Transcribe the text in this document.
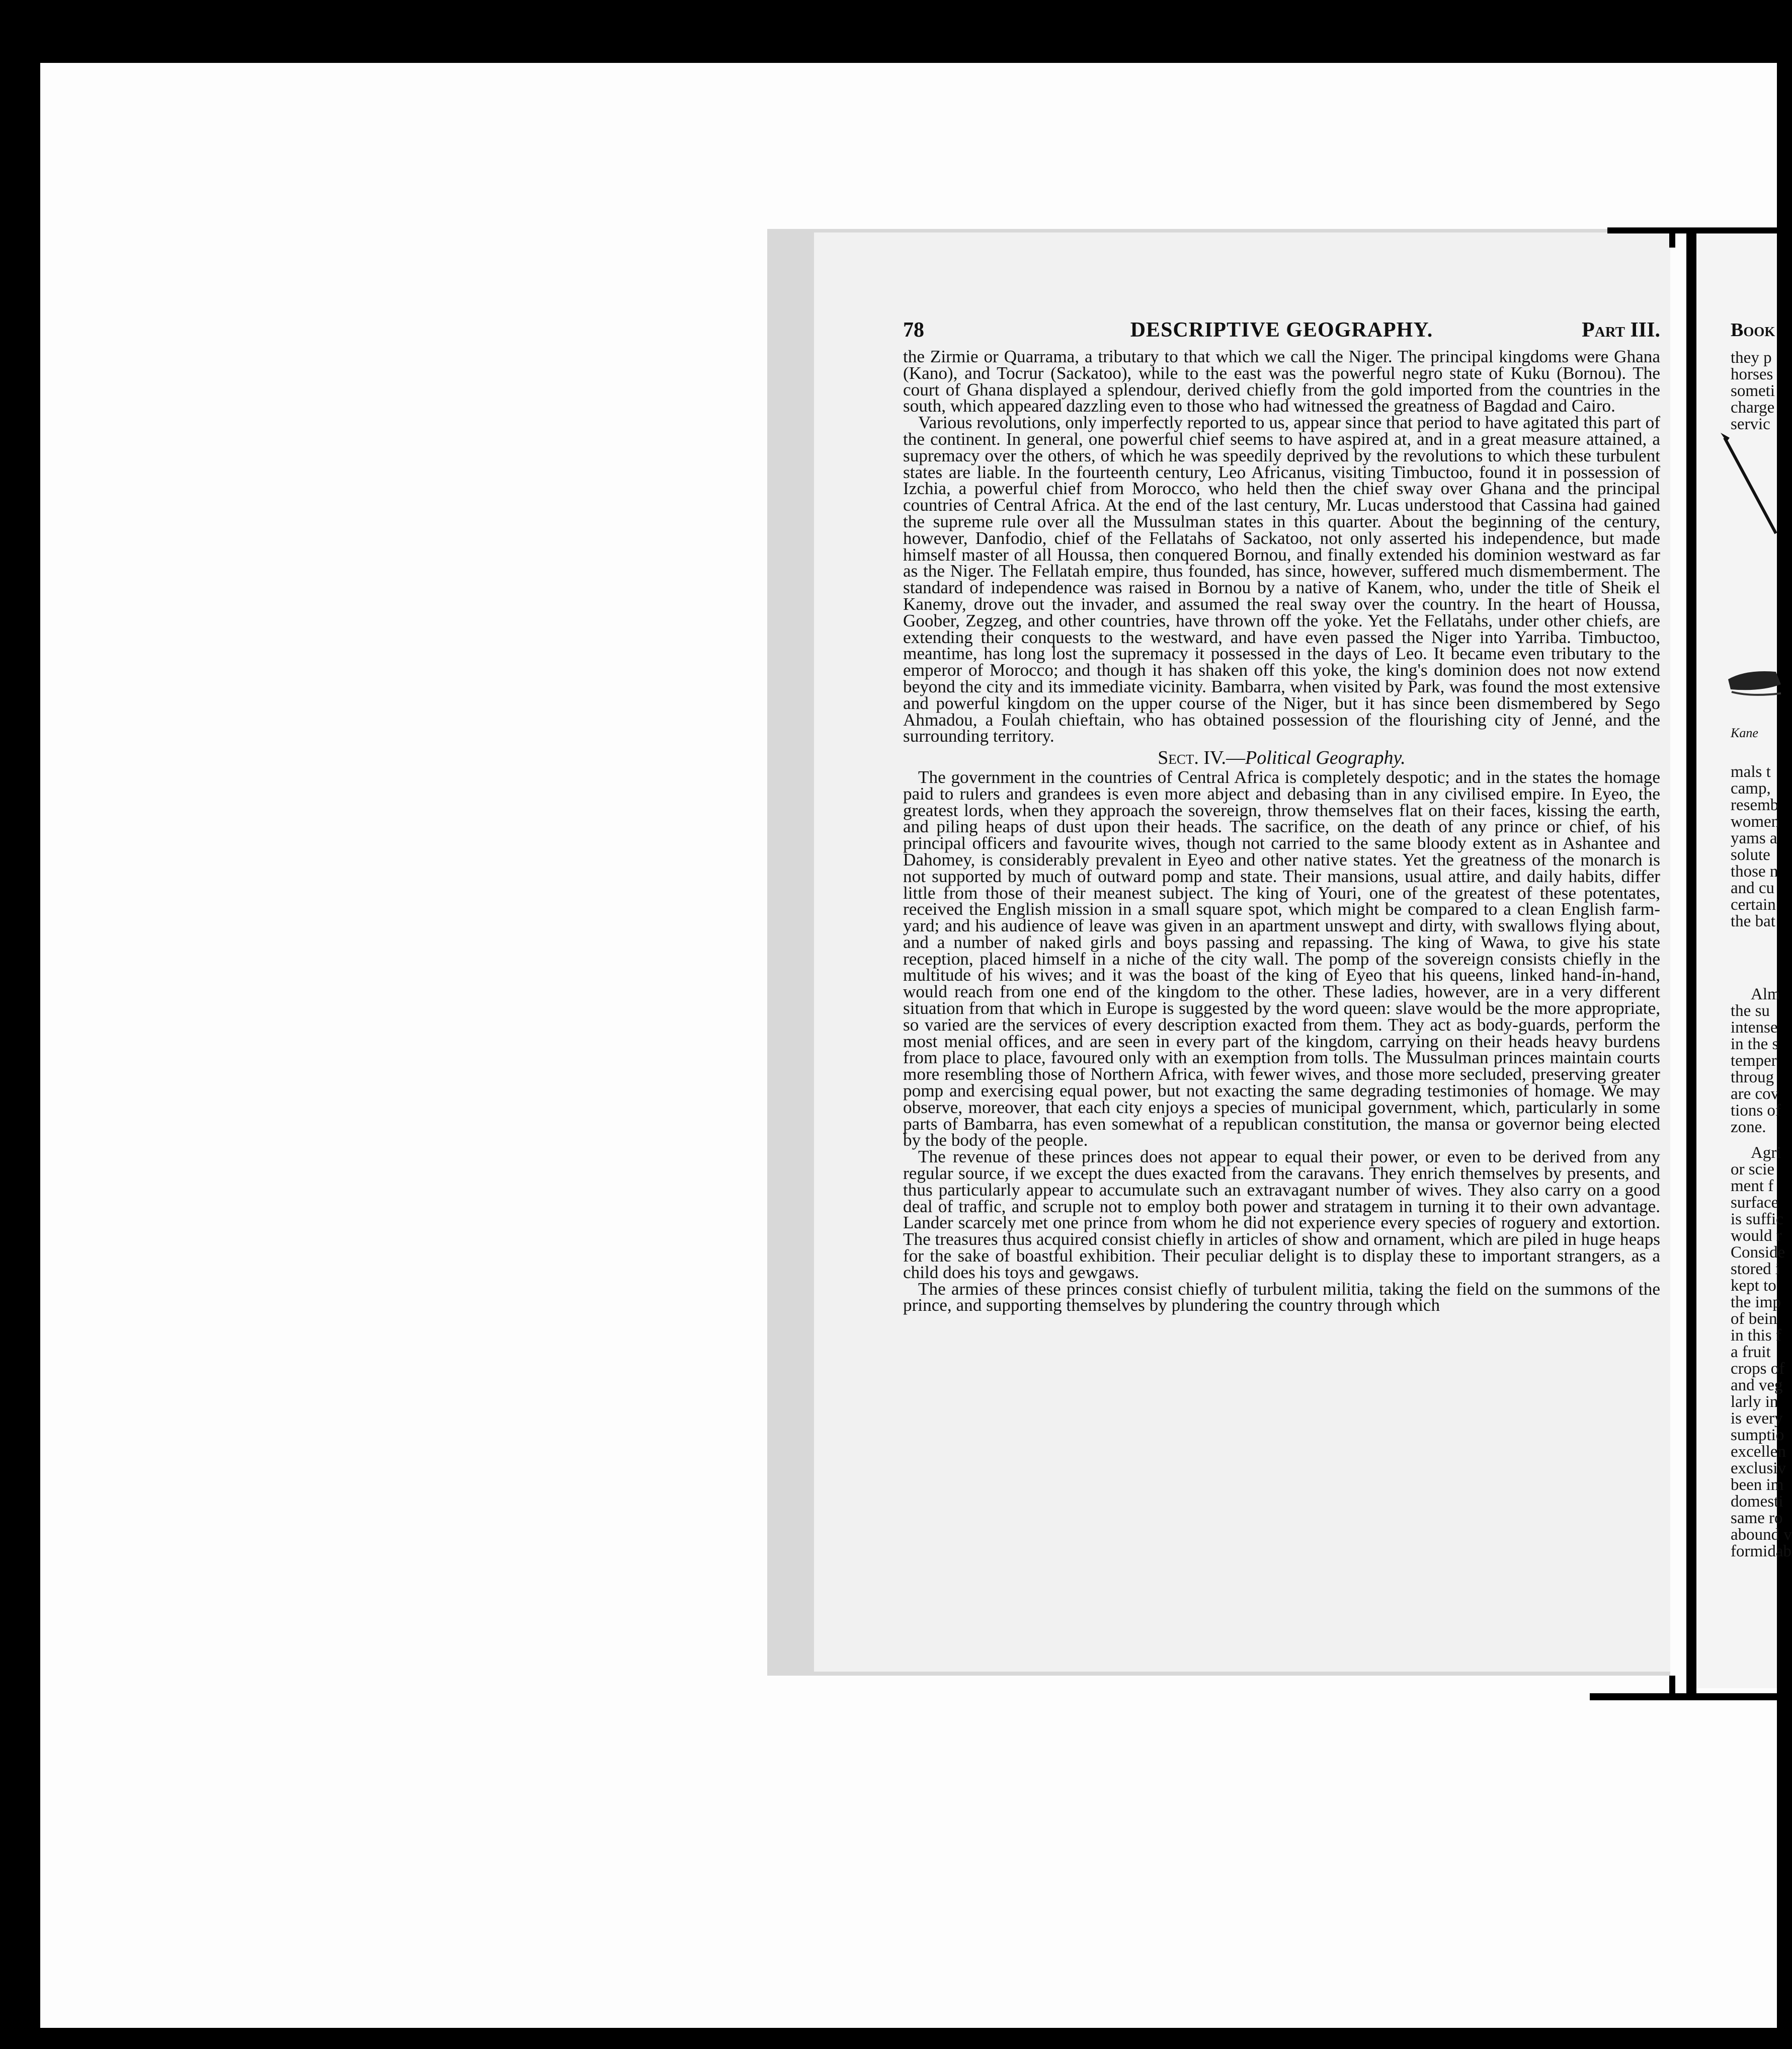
78	DESCRIPTIVE GEOGRAPHY.	Part III.

the Zirmie or Quarrama, a tributary to that which we call the Niger. The principal kingdoms were Ghana (Kano), and Tocrur (Sackatoo), while to the east was the powerful negro state of Kuku (Bornou). The court of Ghana displayed a splendour, derived chiefly from the gold imported from the countries in the south, which appeared dazzling even to those who had witnessed the greatness of Bagdad and Cairo.

Various revolutions, only imperfectly reported to us, appear since that period to have agitated this part of the continent. In general, one powerful chief seems to have aspired at, and in a great measure attained, a supremacy over the others, of which he was speedily deprived by the revolutions to which these turbulent states are liable. In the fourteenth century, Leo Africanus, visiting Timbuctoo, found it in possession of Izchia, a powerful chief from Morocco, who held then the chief sway over Ghana and the principal countries of Central Africa. At the end of the last century, Mr. Lucas understood that Cassina had gained the supreme rule over all the Mussulman states in this quarter. About the beginning of the century, however, Danfodio, chief of the Fellatahs of Sackatoo, not only asserted his independence, but made himself master of all Houssa, then conquered Bornou, and finally extended his dominion westward as far as the Niger. The Fellatah empire, thus founded, has since, however, suffered much dismemberment. The standard of independence was raised in Bornou by a native of Kanem, who, under the title of Sheik el Kanemy, drove out the invader, and assumed the real sway over the country. In the heart of Houssa, Goober, Zegzeg, and other countries, have thrown off the yoke. Yet the Fellatahs, under other chiefs, are extending their conquests to the westward, and have even passed the Niger into Yarriba. Timbuctoo, meantime, has long lost the supremacy it possessed in the days of Leo. It became even tributary to the emperor of Morocco; and though it has shaken off this yoke, the king's dominion does not now extend beyond the city and its immediate vicinity. Bambarra, when visited by Park, was found the most extensive and powerful kingdom on the upper course of the Niger, but it has since been dismembered by Sego Ahmadou, a Foulah chieftain, who has obtained possession of the flourishing city of Jenné, and the surrounding territory.

Sect. IV.—Political Geography.

The government in the countries of Central Africa is completely despotic; and in the states the homage paid to rulers and grandees is even more abject and debasing than in any civilised empire. In Eyeo, the greatest lords, when they approach the sovereign, throw themselves flat on their faces, kissing the earth, and piling heaps of dust upon their heads. The sacrifice, on the death of any prince or chief, of his principal officers and favourite wives, though not carried to the same bloody extent as in Ashantee and Dahomey, is considerably prevalent in Eyeo and other native states. Yet the greatness of the monarch is not supported by much of outward pomp and state. Their mansions, usual attire, and daily habits, differ little from those of their meanest subject. The king of Youri, one of the greatest of these potentates, received the English mission in a small square spot, which might be compared to a clean English farm-yard; and his audience of leave was given in an apartment unswept and dirty, with swallows flying about, and a number of naked girls and boys passing and repassing. The king of Wawa, to give his state reception, placed himself in a niche of the city wall. The pomp of the sovereign consists chiefly in the multitude of his wives; and it was the boast of the king of Eyeo that his queens, linked hand-in-hand, would reach from one end of the kingdom to the other. These ladies, however, are in a very different situation from that which in Europe is suggested by the word queen: slave would be the more appropriate, so varied are the services of every description exacted from them. They act as body-guards, perform the most menial offices, and are seen in every part of the kingdom, carrying on their heads heavy burdens from place to place, favoured only with an exemption from tolls. The Mussulman princes maintain courts more resembling those of Northern Africa, with fewer wives, and those more secluded, preserving greater pomp and exercising equal power, but not exacting the same degrading testimonies of homage. We may observe, moreover, that each city enjoys a species of municipal government, which, particularly in some parts of Bambarra, has even somewhat of a republican constitution, the mansa or governor being elected by the body of the people.

The revenue of these princes does not appear to equal their power, or even to be derived from any regular source, if we except the dues exacted from the caravans. They enrich themselves by presents, and thus particularly appear to accumulate such an extravagant number of wives. They also carry on a good deal of traffic, and scruple not to employ both power and stratagem in turning it to their own advantage. Lander scarcely met one prince from whom he did not experience every species of roguery and extortion. The treasures thus acquired consist chiefly in articles of show and ornament, which are piled in huge heaps for the sake of boastful exhibition. Their peculiar delight is to display these to important strangers, as a child does his toys and gewgaws.

The armies of these princes consist chiefly of turbulent militia, taking the field on the summons of the prince, and supporting themselves by plundering the country through which

Book
they p
horses
someti
charge
servic
Kane
mals t
camp,
resemb
women
yams a
solute
those n
and cu
certain
the bat
Alm
the su
intense
in the s
temper
throug
are cov
tions of
zone.
Agri
or scie
ment f
surface
is suffic
would r
Conside
stored i
kept to
the imp
of bein
in this f
a fruit
crops of
and veg
larly in
is every
sumptio
excellen
exclusiv
been im
domesti
same ro
abound v
formidab
